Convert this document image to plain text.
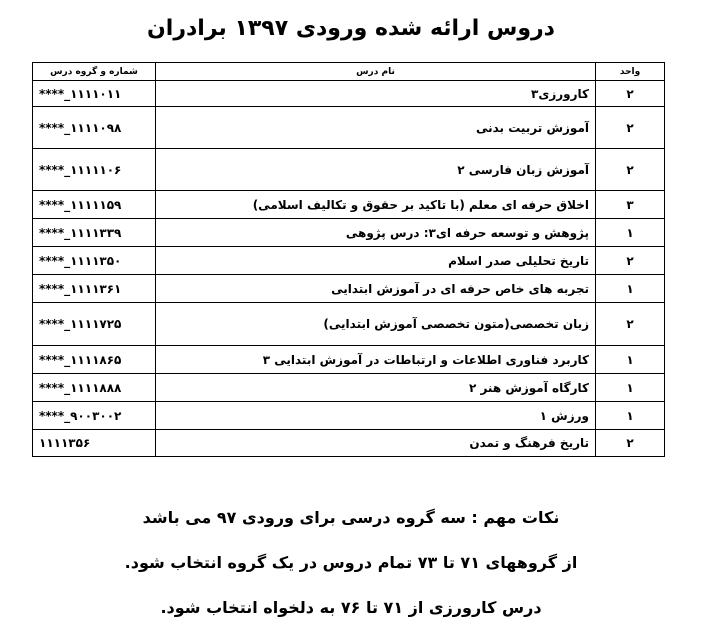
دروس ارائه شده ورودی ۱۳۹۷ برادران
واحد	نام درس	شماره و گروه درس
۲	کارورزی۳	****_۱۱۱۱۰۱۱
۲	آموزش تربیت بدنی	****_۱۱۱۱۰۹۸
۲	آموزش زبان فارسی ۲	****_۱۱۱۱۱۰۶
۳	اخلاق حرفه ای معلم (با تاکید بر حقوق و تکالیف اسلامی)	****_۱۱۱۱۱۵۹
۱	پژوهش و توسعه حرفه ای۳: درس پژوهی	****_۱۱۱۱۳۳۹
۲	تاریخ تحلیلی صدر اسلام	****_۱۱۱۱۳۵۰
۱	تجربه های خاص حرفه ای در آموزش ابتدایی	****_۱۱۱۱۳۶۱
۲	زبان تخصصی(متون تخصصی آموزش ابتدایی)	****_۱۱۱۱۷۲۵
۱	کاربرد فناوری اطلاعات و ارتباطات در آموزش ابتدایی ۳	****_۱۱۱۱۸۶۵
۱	کارگاه آموزش هنر ۲	****_۱۱۱۱۸۸۸
۱	ورزش ۱	****_۹۰۰۳۰۰۲
۲	تاریخ فرهنگ و تمدن	۱۱۱۱۳۵۶
نکات مهم : سه گروه درسی برای ورودی ۹۷ می باشد
از گروههای ۷۱ تا ۷۳ تمام دروس در یک گروه انتخاب شود.
درس کارورزی از ۷۱ تا ۷۶ به دلخواه انتخاب شود.
